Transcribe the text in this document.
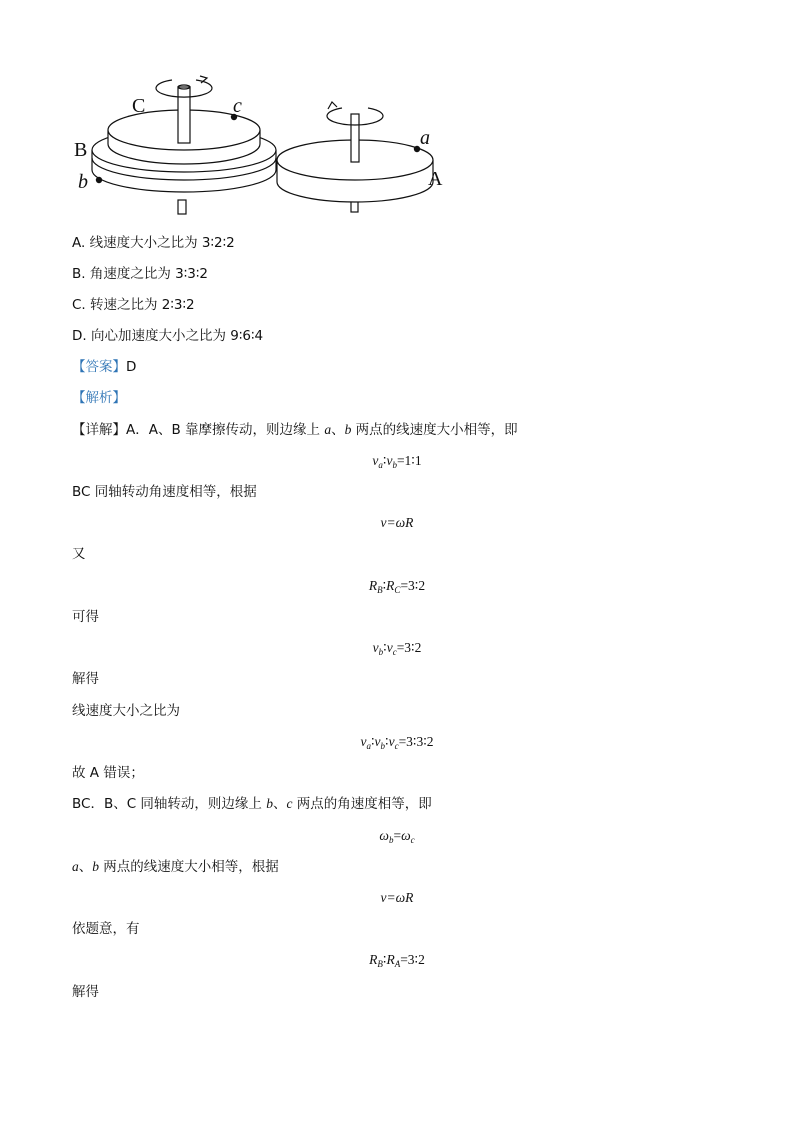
C	c
B
b
a
A
A. 线速度大小之比为 3∶2∶2
B. 角速度之比为 3∶3∶2
C. 转速之比为 2∶3∶2
D. 向心加速度大小之比为 9∶6∶4
【答案】D
【解析】
【详解】A．A、B 靠摩擦传动，则边缘上 a、b 两点的线速度大小相等，即
$v_a∶v_b=1∶1$
BC 同轴转动角速度相等，根据
v=ωR
又
$R_B∶R_C=3∶2$
可得
$v_b∶v_c=3∶2$
解得
线速度大小之比为
$v_a∶v_b∶v_c=3∶3∶2$
故 A 错误；
BC．B、C 同轴转动，则边缘上 b、c 两点的角速度相等，即
$\omega_b=\omega_c$
a、b 两点的线速度大小相等，根据
v=ωR
依题意，有
$R_B∶R_A=3∶2$
解得
